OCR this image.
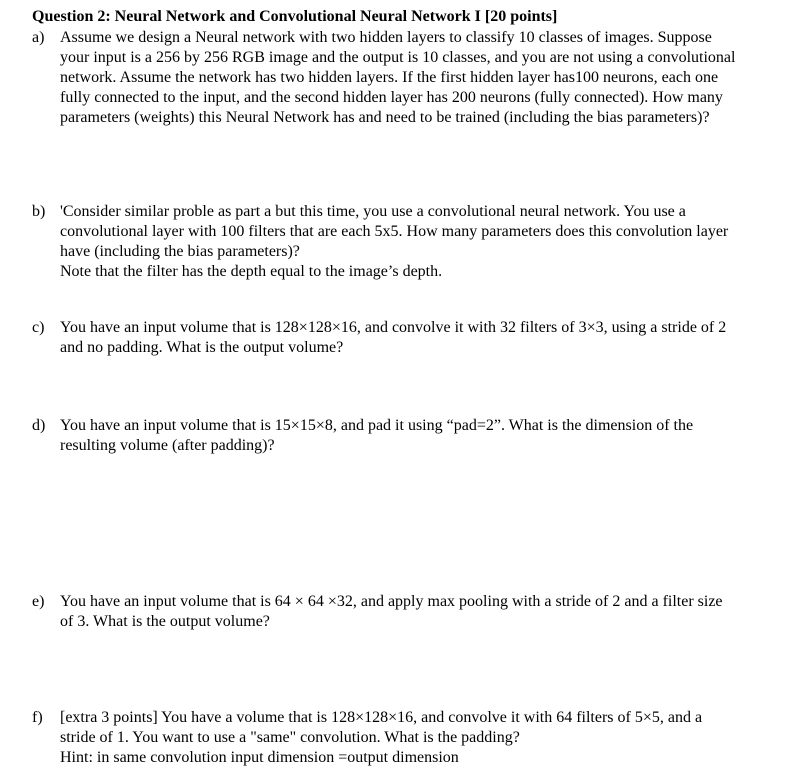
Question 2: Neural Network and Convolutional Neural Network I [20 points]
a) Assume we design a Neural network with two hidden layers to classify 10 classes of images. Suppose
your input is a 256 by 256 RGB image and the output is 10 classes, and you are not using a convolutional
network. Assume the network has two hidden layers. If the first hidden layer has100 neurons, each one
fully connected to the input, and the second hidden layer has 200 neurons (fully connected). How many
parameters (weights) this Neural Network has and need to be trained (including the bias parameters)?
b) 'Consider similar proble as part a but this time, you use a convolutional neural network. You use a
convolutional layer with 100 filters that are each 5x5. How many parameters does this convolution layer
have (including the bias parameters)?
Note that the filter has the depth equal to the image’s depth.
c) You have an input volume that is 128×128×16, and convolve it with 32 filters of 3×3, using a stride of 2
and no padding. What is the output volume?
d) You have an input volume that is 15×15×8, and pad it using “pad=2”. What is the dimension of the
resulting volume (after padding)?
e) You have an input volume that is 64 × 64 ×32, and apply max pooling with a stride of 2 and a filter size
of 3. What is the output volume?
f) [extra 3 points] You have a volume that is 128×128×16, and convolve it with 64 filters of 5×5, and a
stride of 1. You want to use a "same" convolution. What is the padding?
Hint: in same convolution input dimension =output dimension
